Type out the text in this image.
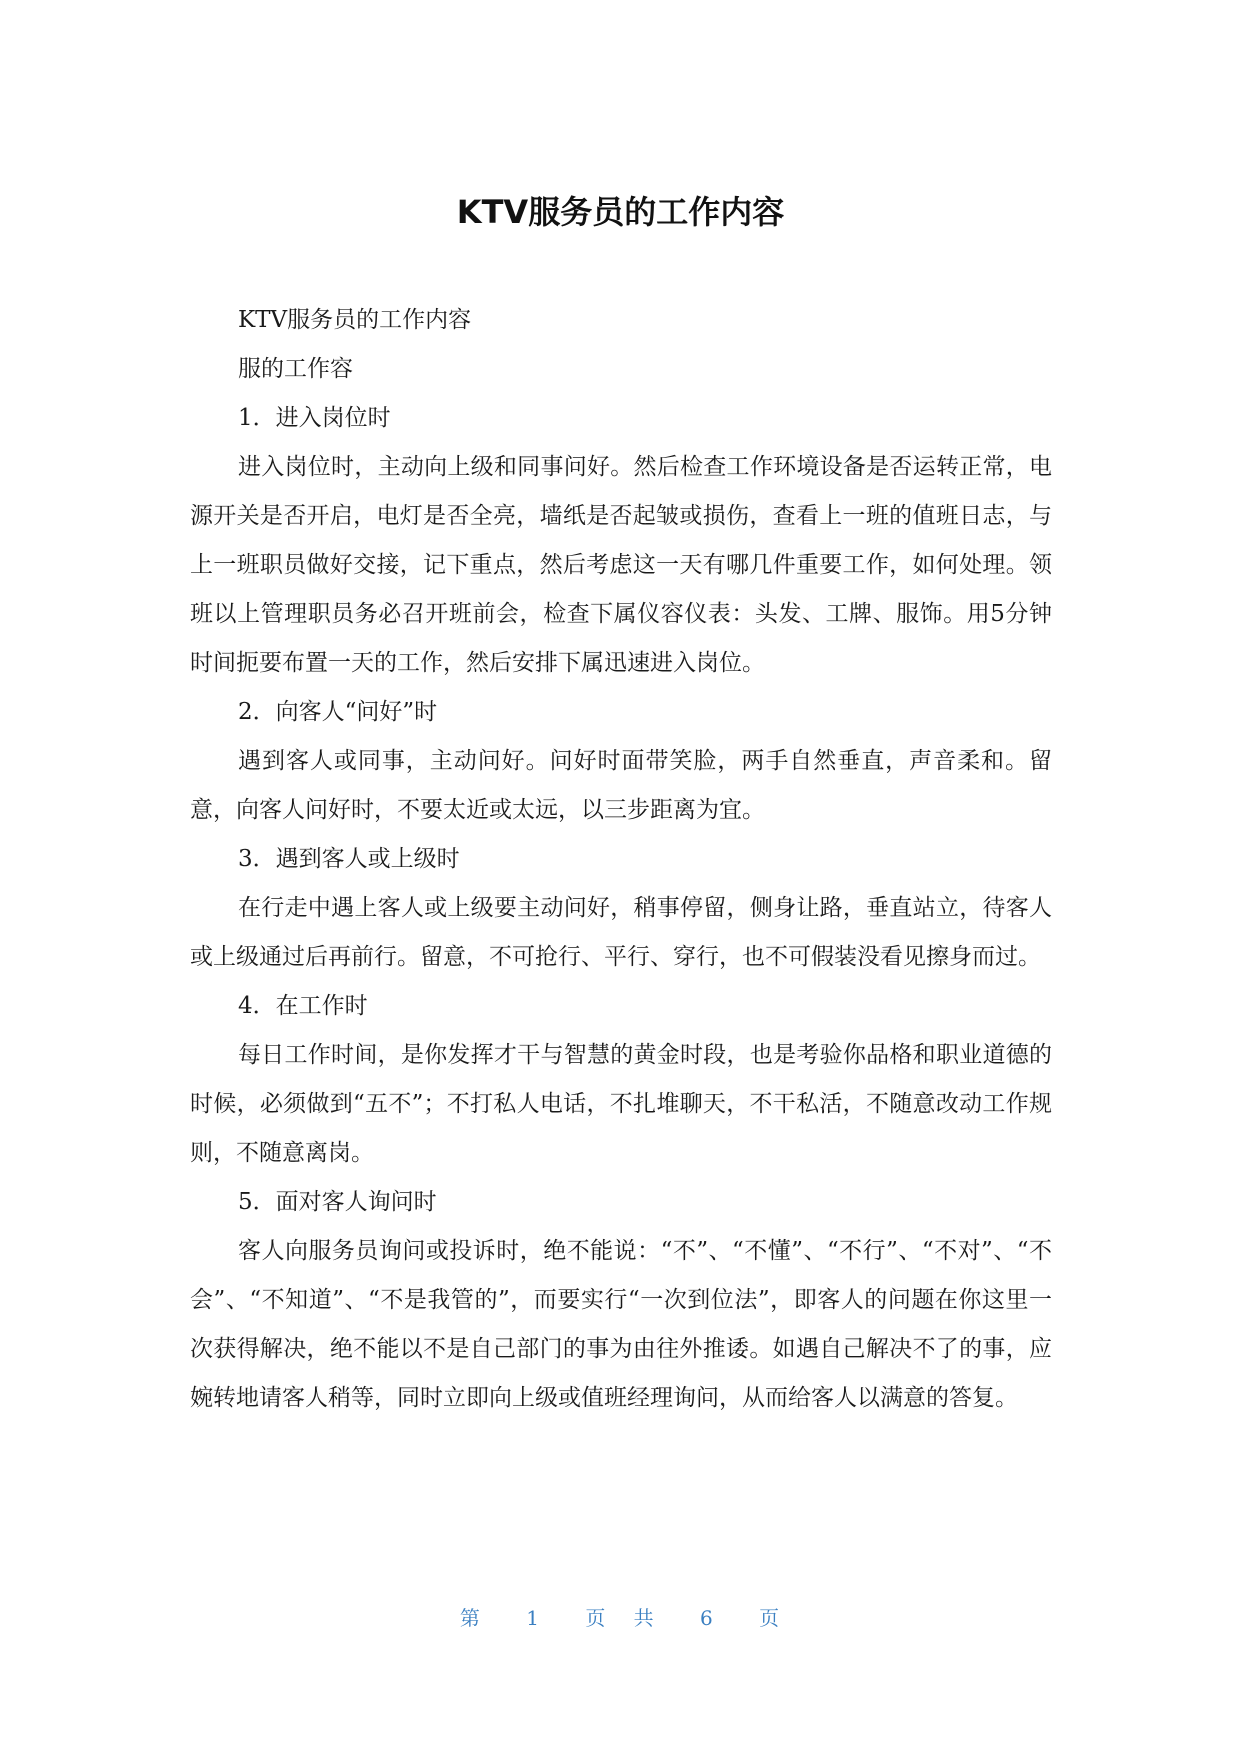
KTV服务员的工作内容

KTV服务员的工作内容

服的工作容

1．进入岗位时

进入岗位时，主动向上级和同事问好。然后检查工作环境设备是否运转正常，电源开关是否开启，电灯是否全亮，墙纸是否起皱或损伤，查看上一班的值班日志，与上一班职员做好交接，记下重点，然后考虑这一天有哪几件重要工作，如何处理。领班以上管理职员务必召开班前会，检查下属仪容仪表：头发、工牌、服饰。用5分钟时间扼要布置一天的工作，然后安排下属迅速进入岗位。

2．向客人“问好”时

遇到客人或同事，主动问好。问好时面带笑脸，两手自然垂直，声音柔和。留意，向客人问好时，不要太近或太远，以三步距离为宜。

3．遇到客人或上级时

在行走中遇上客人或上级要主动问好，稍事停留，侧身让路，垂直站立，待客人或上级通过后再前行。留意，不可抢行、平行、穿行，也不可假装没看见擦身而过。

4．在工作时

每日工作时间，是你发挥才干与智慧的黄金时段，也是考验你品格和职业道德的时候，必须做到“五不”；不打私人电话，不扎堆聊天，不干私活，不随意改动工作规则，不随意离岗。

5．面对客人询问时

客人向服务员询问或投诉时，绝不能说：“不”、“不懂”、“不行”、“不对”、“不会”、“不知道”、“不是我管的”，而要实行“一次到位法”，即客人的问题在你这里一次获得解决，绝不能以不是自己部门的事为由往外推诿。如遇自己解决不了的事，应婉转地请客人稍等，同时立即向上级或值班经理询问，从而给客人以满意的答复。

第 1 页 共 6 页
